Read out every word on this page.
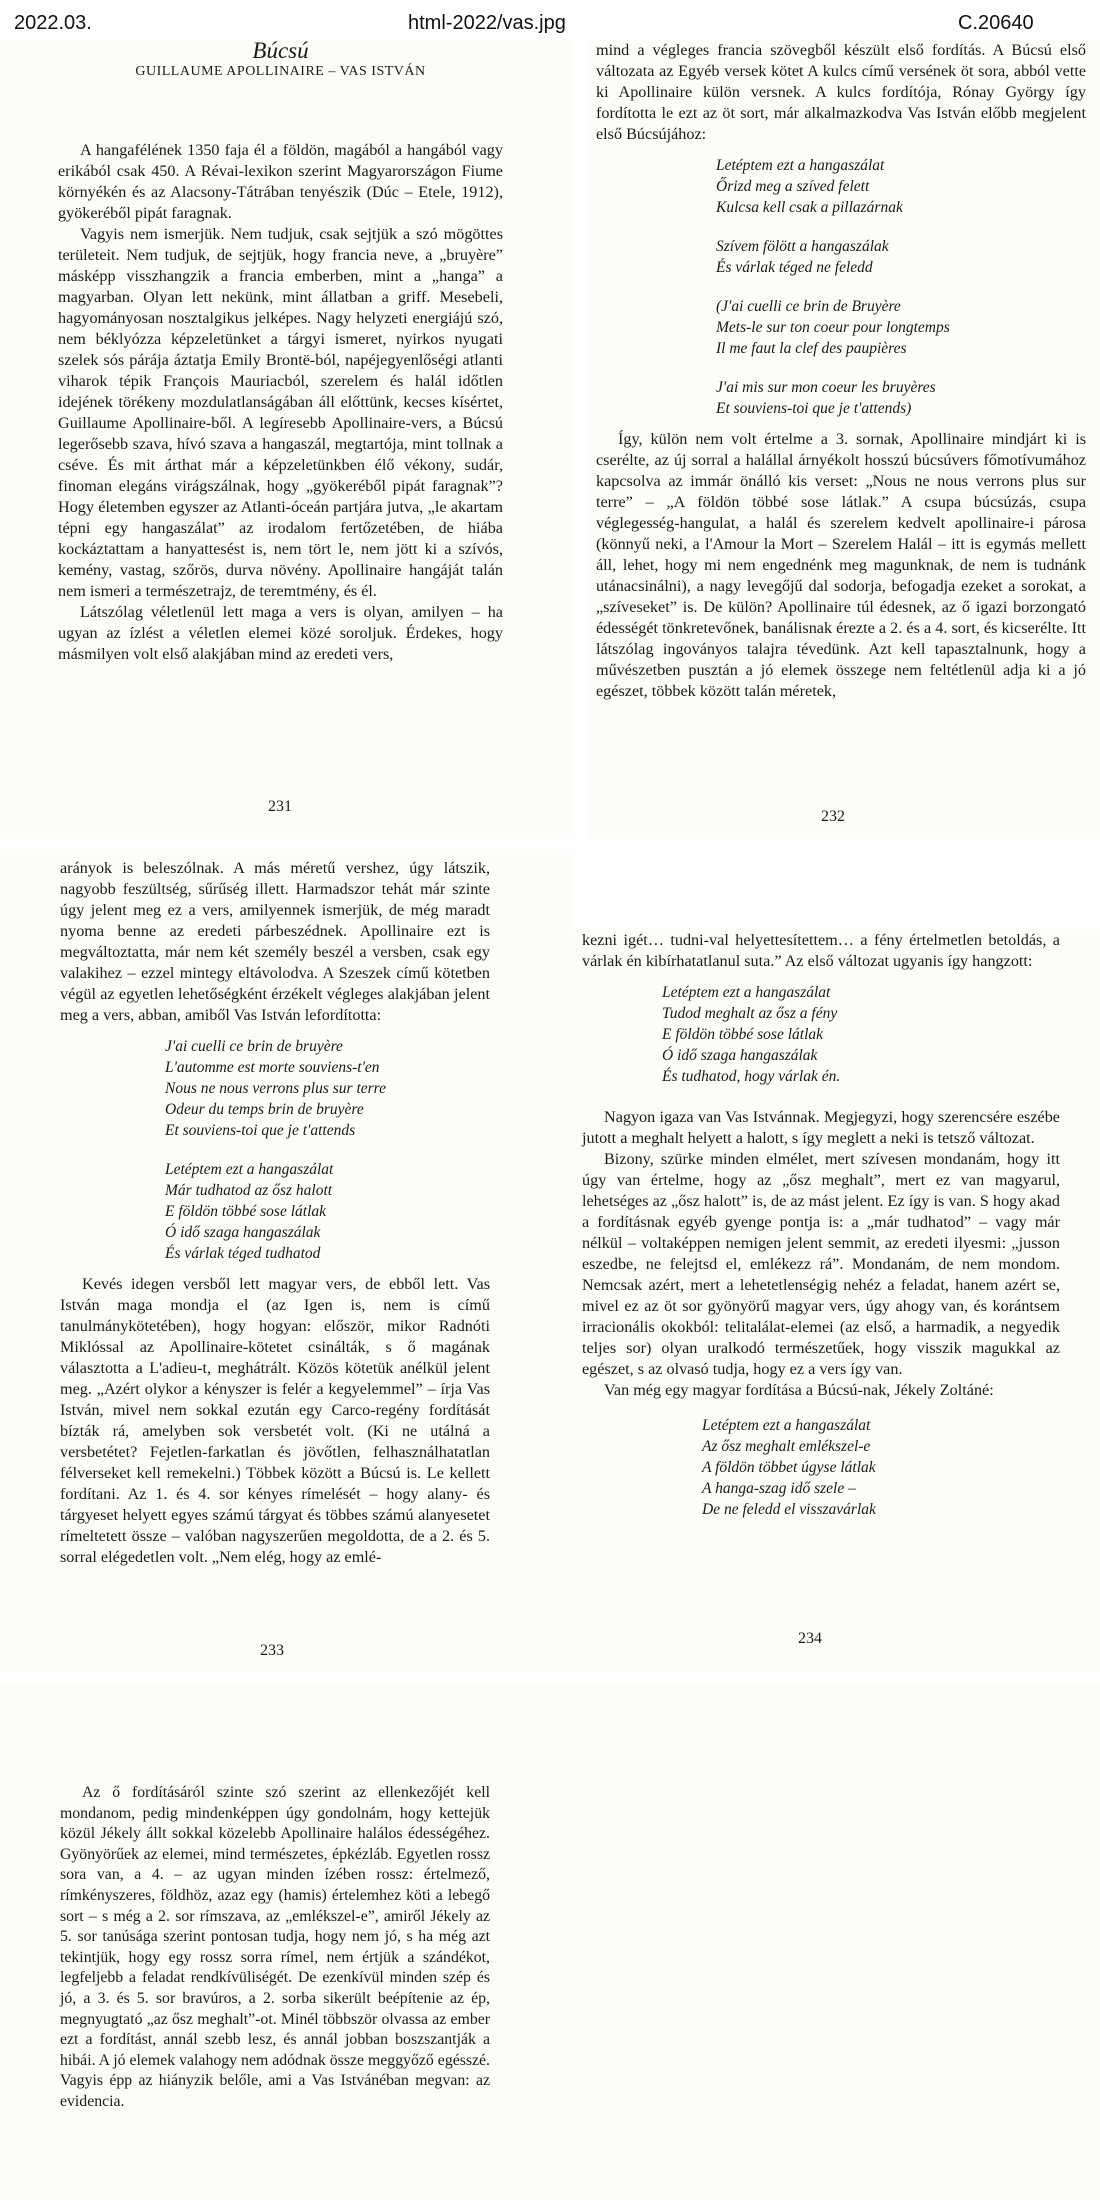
2022.03.	html-2022/vas.jpg	C.20640

Búcsú

GUILLAUME APOLLINAIRE – VAS ISTVÁN

A hangafélének 1350 faja él a földön, magából a hangából vagy erikából csak 450. A Révai-lexikon szerint Magyarországon Fiume környékén és az Alacsony-Tátrában tenyészik (Dúc – Etele, 1912), gyökeréből pipát faragnak.

Vagyis nem ismerjük. Nem tudjuk, csak sejtjük a szó mögöttes területeit. Nem tudjuk, de sejtjük, hogy francia neve, a „bruyère” másképp visszhangzik a francia emberben, mint a „hanga” a magyarban. Olyan lett nekünk, mint állatban a griff. Mesebeli, hagyományosan nosztalgikus jelképes. Nagy helyzeti energiájú szó, nem béklyózza képzeletünket a tárgyi ismeret, nyirkos nyugati szelek sós párája áztatja Emily Brontë-ból, napéjegyenlőségi atlanti viharok tépik François Mauriacból, szerelem és halál időtlen idejének törékeny mozdulatlanságában áll előttünk, kecses kísértet, Guillaume Apollinaire-ből. A legíresebb Apollinaire-vers, a Búcsú legerősebb szava, hívó szava a hangaszál, megtartója, mint tollnak a cséve. És mit árthat már a képzeletünkben élő vékony, sudár, finoman elegáns virágszálnak, hogy „gyökeréből pipát faragnak”? Hogy életemben egyszer az Atlanti-óceán partjára jutva, „le akartam tépni egy hangaszálat” az irodalom fertőzetében, de hiába kockáztattam a hanyattesést is, nem tört le, nem jött ki a szívós, kemény, vastag, szőrös, durva növény. Apollinaire hangáját talán nem ismeri a természetrajz, de teremtmény, és él.

Látszólag véletlenül lett maga a vers is olyan, amilyen – ha ugyan az ízlést a véletlen elemei közé soroljuk. Érdekes, hogy másmilyen volt első alakjában mind az eredeti vers,

231

mind a végleges francia szövegből készült első fordítás. A Búcsú első változata az Egyéb versek kötet A kulcs című versének öt sora, abból vette ki Apollinaire külön versnek. A kulcs fordítója, Rónay György így fordította le ezt az öt sort, már alkalmazkodva Vas István előbb megjelent első Búcsújához:

Letéptem ezt a hangaszálat
Őrizd meg a szíved felett
Kulcsa kell csak a pillazárnak
Szívem fölött a hangaszálak
És várlak téged ne feledd
(J'ai cuelli ce brin de Bruyère
Mets-le sur ton coeur pour longtemps
Il me faut la clef des paupières
J'ai mis sur mon coeur les bruyères
Et souviens-toi que je t'attends)

Így, külön nem volt értelme a 3. sornak, Apollinaire mindjárt ki is cserélte, az új sorral a halállal árnyékolt hosszú búcsúvers főmotívumához kapcsolva az immár önálló kis verset: „Nous ne nous verrons plus sur terre” – „A földön többé sose látlak.” A csupa búcsúzás, csupa véglegesség-hangulat, a halál és szerelem kedvelt apollinaire-i párosa (könnyű neki, a l'Amour la Mort – Szerelem Halál – itt is egymás mellett áll, lehet, hogy mi nem engednénk meg magunknak, de nem is tudnánk utánacsinálni), a nagy levegőjű dal sodorja, befogadja ezeket a sorokat, a „szíveseket” is. De külön? Apollinaire túl édesnek, az ő igazi borzongató édességét tönkretevőnek, banálisnak érezte a 2. és a 4. sort, és kicserélte. Itt látszólag ingoványos talajra tévedünk. Azt kell tapasztalnunk, hogy a művészetben pusztán a jó elemek összege nem feltétlenül adja ki a jó egészet, többek között talán méretek,

232

arányok is beleszólnak. A más méretű vershez, úgy látszik, nagyobb feszültség, sűrűség illett. Harmadszor tehát már szinte úgy jelent meg ez a vers, amilyennek ismerjük, de még maradt nyoma benne az eredeti párbeszédnek. Apollinaire ezt is megváltoztatta, már nem két személy beszél a versben, csak egy valakihez – ezzel mintegy eltávolodva. A Szeszek című kötetben végül az egyetlen lehetőségként érzékelt végleges alakjában jelent meg a vers, abban, amiből Vas István lefordította:

J'ai cuelli ce brin de bruyère
L'automme est morte souviens-t'en
Nous ne nous verrons plus sur terre
Odeur du temps brin de bruyère
Et souviens-toi que je t'attends
Letéptem ezt a hangaszálat
Már tudhatod az ősz halott
E földön többé sose látlak
Ó idő szaga hangaszálak
És várlak téged tudhatod

Kevés idegen versből lett magyar vers, de ebből lett. Vas István maga mondja el (az Igen is, nem is című tanulmánykötetében), hogy hogyan: először, mikor Radnóti Miklóssal az Apollinaire-kötetet csinálták, s ő magának választotta a L'adieu-t, meghátrált. Közös kötetük anélkül jelent meg. „Azért olykor a kényszer is felér a kegyelemmel” – írja Vas István, mivel nem sokkal ezután egy Carco-regény fordítását bízták rá, amelyben sok versbetét volt. (Ki ne utálná a versbetétet? Fejetlen-farkatlan és jövőtlen, felhasználhatatlan félverseket kell remekelni.) Többek között a Búcsú is. Le kellett fordítani. Az 1. és 4. sor kényes rímelését – hogy alany- és tárgyeset helyett egyes számú tárgyat és többes számú alanyesetet rímeltetett össze – valóban nagyszerűen megoldotta, de a 2. és 5. sorral elégedetlen volt. „Nem elég, hogy az emlé-

233

kezni igét… tudni-val helyettesítettem… a fény értelmetlen betoldás, a várlak én kibírhatatlanul suta.” Az első változat ugyanis így hangzott:

Letéptem ezt a hangaszálat
Tudod meghalt az ősz a fény
E földön többé sose látlak
Ó idő szaga hangaszálak
És tudhatod, hogy várlak én.

Nagyon igaza van Vas Istvánnak. Megjegyzi, hogy szerencsére eszébe jutott a meghalt helyett a halott, s így meglett a neki is tetsző változat.

Bizony, szürke minden elmélet, mert szívesen mondanám, hogy itt úgy van értelme, hogy az „ősz meghalt”, mert ez van magyarul, lehetséges az „ősz halott” is, de az mást jelent. Ez így is van. S hogy akad a fordításnak egyéb gyenge pontja is: a „már tudhatod” – vagy már nélkül – voltaképpen nemigen jelent semmit, az eredeti ilyesmi: „jusson eszedbe, ne felejtsd el, emlékezz rá”. Mondanám, de nem mondom. Nemcsak azért, mert a lehetetlenségig nehéz a feladat, hanem azért se, mivel ez az öt sor gyönyörű magyar vers, úgy ahogy van, és korántsem irracionális okokból: telitalálat-elemei (az első, a harmadik, a negyedik teljes sor) olyan uralkodó természetűek, hogy visszik magukkal az egészet, s az olvasó tudja, hogy ez a vers így van.

Van még egy magyar fordítása a Búcsú-nak, Jékely Zoltáné:

Letéptem ezt a hangaszálat
Az ősz meghalt emlékszel-e
A földön többet úgyse látlak
A hanga-szag idő szele –
De ne feledd el visszavárlak
234

Az ő fordításáról szinte szó szerint az ellenkezőjét kell mondanom, pedig mindenképpen úgy gondolnám, hogy kettejük közül Jékely állt sokkal közelebb Apollinaire halálos édességéhez. Gyönyörűek az elemei, mind természetes, épkézláb. Egyetlen rossz sora van, a 4. – az ugyan minden ízében rossz: értelmező, rímkényszeres, földhöz, azaz egy (hamis) értelemhez köti a lebegő sort – s még a 2. sor rímszava, az „emlékszel-e”, amiről Jékely az 5. sor tanúsága szerint pontosan tudja, hogy nem jó, s ha még azt tekintjük, hogy egy rossz sorra rímel, nem értjük a szándékot, legfeljebb a feladat rendkívüliségét. De ezenkívül minden szép és jó, a 3. és 5. sor bravúros, a 2. sorba sikerült beépítenie az ép, megnyugtató „az ősz meghalt”-ot. Minél többször olvassa az ember ezt a fordítást, annál szebb lesz, és annál jobban boszszantják a hibái. A jó elemek valahogy nem adódnak össze meggyőző egésszé. Vagyis épp az hiányzik belőle, ami a Vas Istvánéban megvan: az evidencia.
